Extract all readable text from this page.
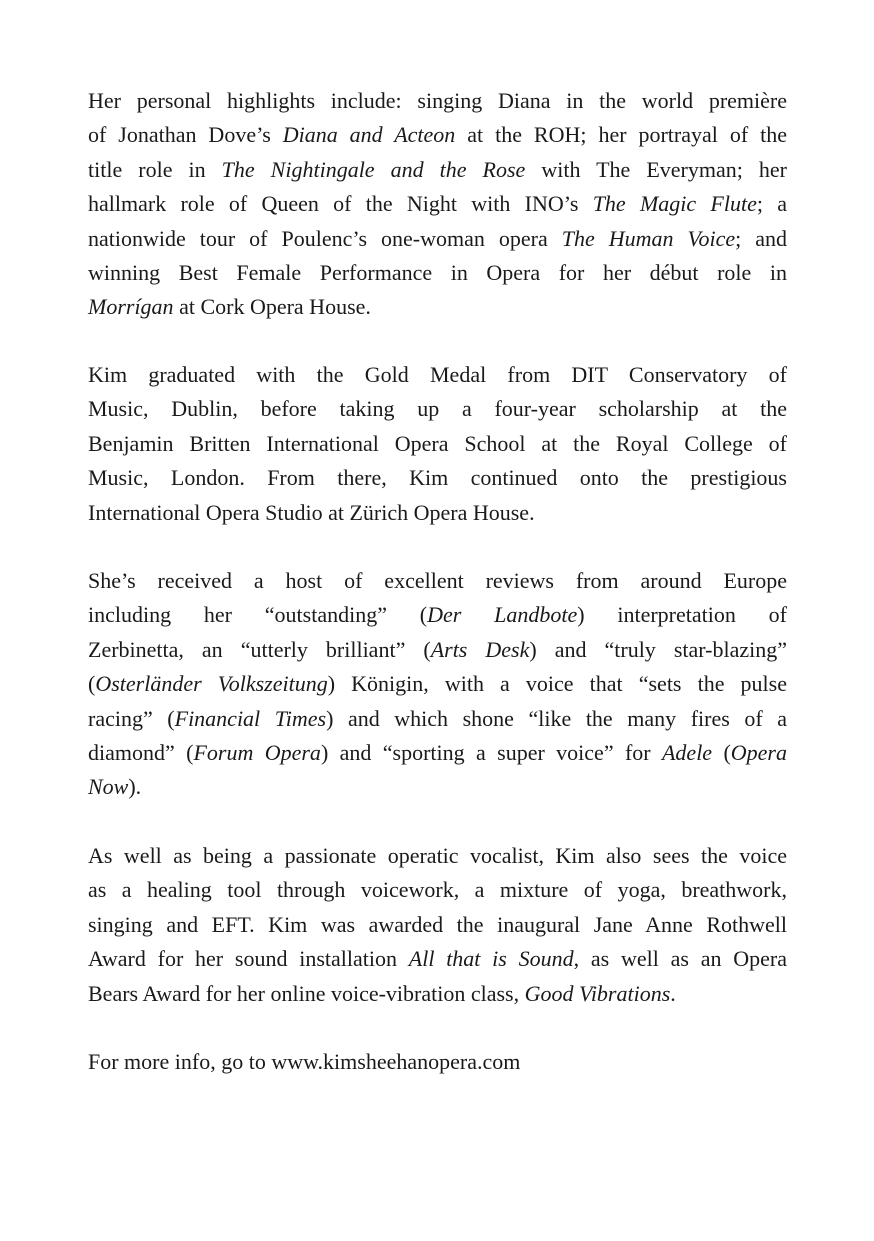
Her personal highlights include: singing Diana in the world première
of Jonathan Dove’s Diana and Acteon at the ROH; her portrayal of the
title role in The Nightingale and the Rose with The Everyman; her
hallmark role of Queen of the Night with INO’s The Magic Flute; a
nationwide tour of Poulenc’s one-woman opera The Human Voice; and
winning Best Female Performance in Opera for her début role in
Morrígan at Cork Opera House.
Kim graduated with the Gold Medal from DIT Conservatory of
Music, Dublin, before taking up a four-year scholarship at the
Benjamin Britten International Opera School at the Royal College of
Music, London. From there, Kim continued onto the prestigious
International Opera Studio at Zürich Opera House.
She’s received a host of excellent reviews from around Europe
including her “outstanding” (Der Landbote) interpretation of
Zerbinetta, an “utterly brilliant” (Arts Desk) and “truly star-blazing”
(Osterländer Volkszeitung) Königin, with a voice that “sets the pulse
racing” (Financial Times) and which shone “like the many fires of a
diamond” (Forum Opera) and “sporting a super voice” for Adele (Opera
Now).
As well as being a passionate operatic vocalist, Kim also sees the voice
as a healing tool through voicework, a mixture of yoga, breathwork,
singing and EFT. Kim was awarded the inaugural Jane Anne Rothwell
Award for her sound installation All that is Sound, as well as an Opera
Bears Award for her online voice-vibration class, Good Vibrations.
For more info, go to www.kimsheehanopera.com
